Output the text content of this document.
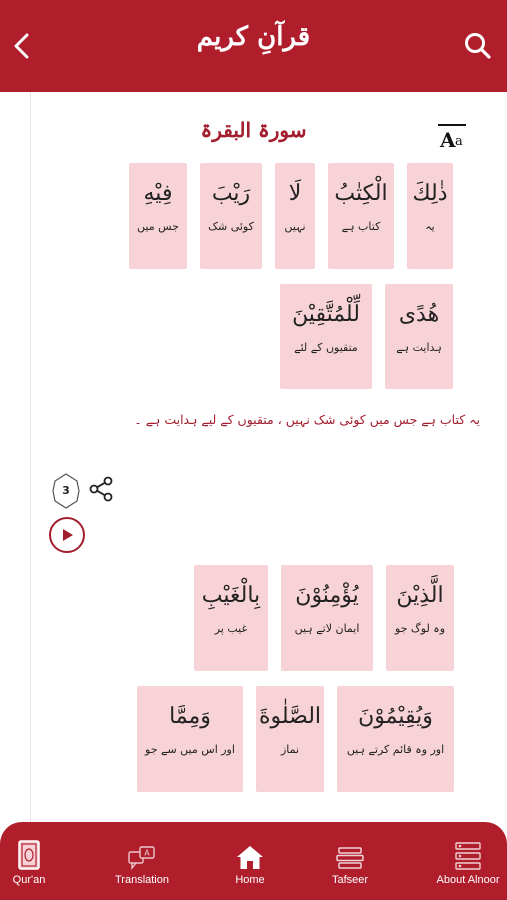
قرآنِ کریم
سورۃ البقرۃ	A a
ذٰلِكَ
یہ
الْكِتٰبُ
کتاب ہے
لَا
نہیں
رَيْبَ
کوئی شک
فِيْهِ
جس میں
هُدًى
ہدایت ہے
لِّلْمُتَّقِيْنَ
متقیوں کے لئے
یہ کتاب ہے جس میں کوئی شک نہیں ، متقیوں کے لیے ہدایت ہے ۔
3
الَّذِيْنَ
وہ لوگ جو
يُؤْمِنُوْنَ
ایمان لاتے ہیں
بِالْغَيْبِ
غیب پر
وَيُقِيْمُوْنَ
اور وہ قائم کرتے ہیں
الصَّلٰوةَ
نماز
وَمِمَّا
اور اس میں سے جو
Qur'an
A
Translation	Home	Tafseer	About Alnoor
